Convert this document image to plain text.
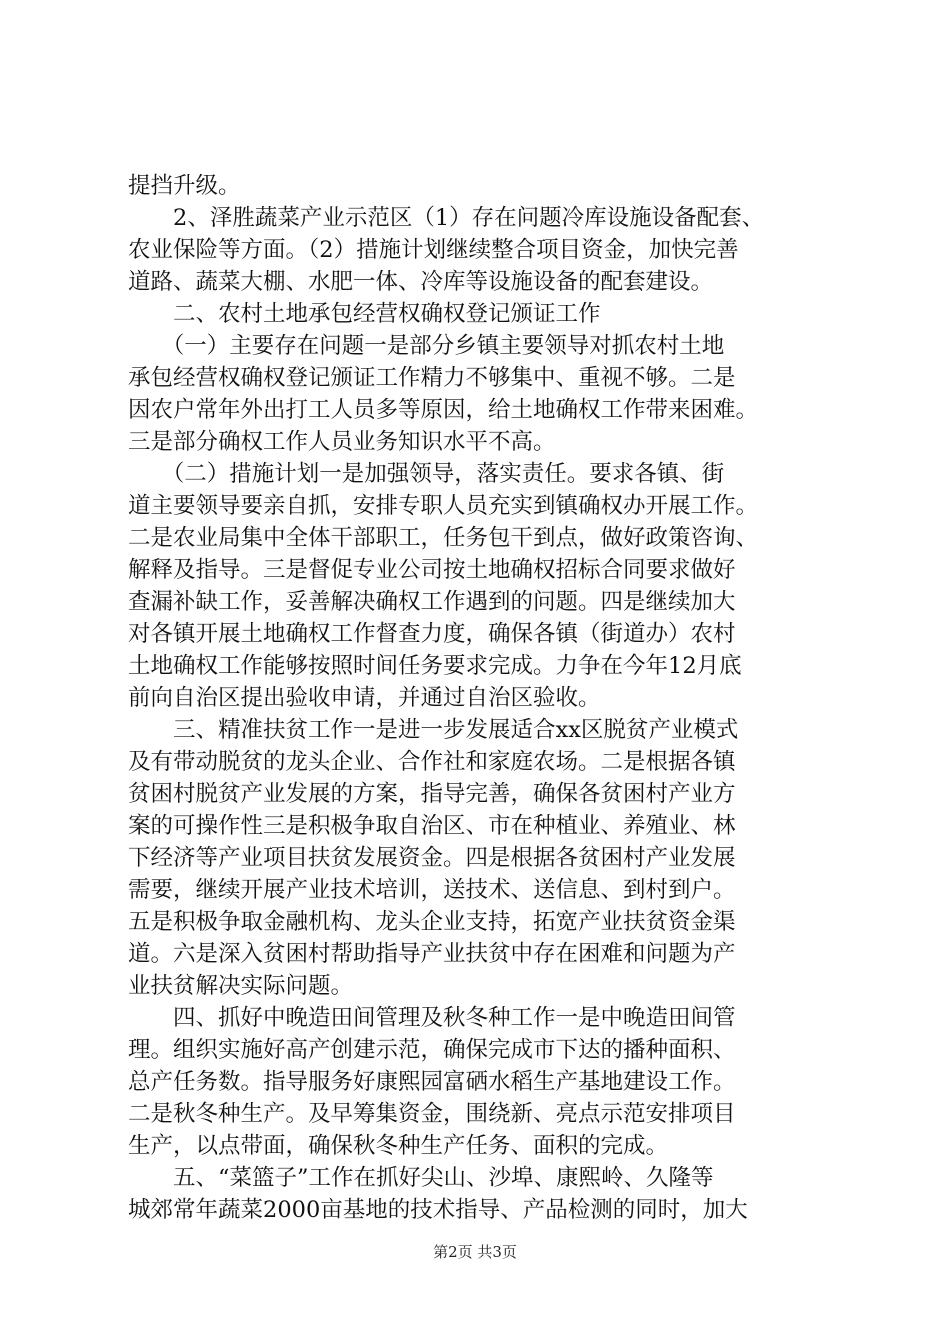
提挡升级。
　　2、泽胜蔬菜产业示范区（1）存在问题冷库设施设备配套、
农业保险等方面。（2）措施计划继续整合项目资金，加快完善
道路、蔬菜大棚、水肥一体、冷库等设施设备的配套建设。
　　二、农村土地承包经营权确权登记颁证工作
　　（一）主要存在问题一是部分乡镇主要领导对抓农村土地
承包经营权确权登记颁证工作精力不够集中、重视不够。二是
因农户常年外出打工人员多等原因，给土地确权工作带来困难。
三是部分确权工作人员业务知识水平不高。
　　（二）措施计划一是加强领导，落实责任。要求各镇、街
道主要领导要亲自抓，安排专职人员充实到镇确权办开展工作。
二是农业局集中全体干部职工，任务包干到点，做好政策咨询、
解释及指导。三是督促专业公司按土地确权招标合同要求做好
查漏补缺工作，妥善解决确权工作遇到的问题。四是继续加大
对各镇开展土地确权工作督查力度，确保各镇（街道办）农村
土地确权工作能够按照时间任务要求完成。力争在今年12月底
前向自治区提出验收申请，并通过自治区验收。
　　三、精准扶贫工作一是进一步发展适合xx区脱贫产业模式
及有带动脱贫的龙头企业、合作社和家庭农场。二是根据各镇
贫困村脱贫产业发展的方案，指导完善，确保各贫困村产业方
案的可操作性三是积极争取自治区、市在种植业、养殖业、林
下经济等产业项目扶贫发展资金。四是根据各贫困村产业发展
需要，继续开展产业技术培训，送技术、送信息、到村到户。
五是积极争取金融机构、龙头企业支持，拓宽产业扶贫资金渠
道。六是深入贫困村帮助指导产业扶贫中存在困难和问题为产
业扶贫解决实际问题。
　　四、抓好中晚造田间管理及秋冬种工作一是中晚造田间管
理。组织实施好高产创建示范，确保完成市下达的播种面积、
总产任务数。指导服务好康熙园富硒水稻生产基地建设工作。
二是秋冬种生产。及早筹集资金，围绕新、亮点示范安排项目
生产，以点带面，确保秋冬种生产任务、面积的完成。
　　五、“菜篮子”工作在抓好尖山、沙埠、康熙岭、久隆等
城郊常年蔬菜2000亩基地的技术指导、产品检测的同时，加大
第2页 共3页
